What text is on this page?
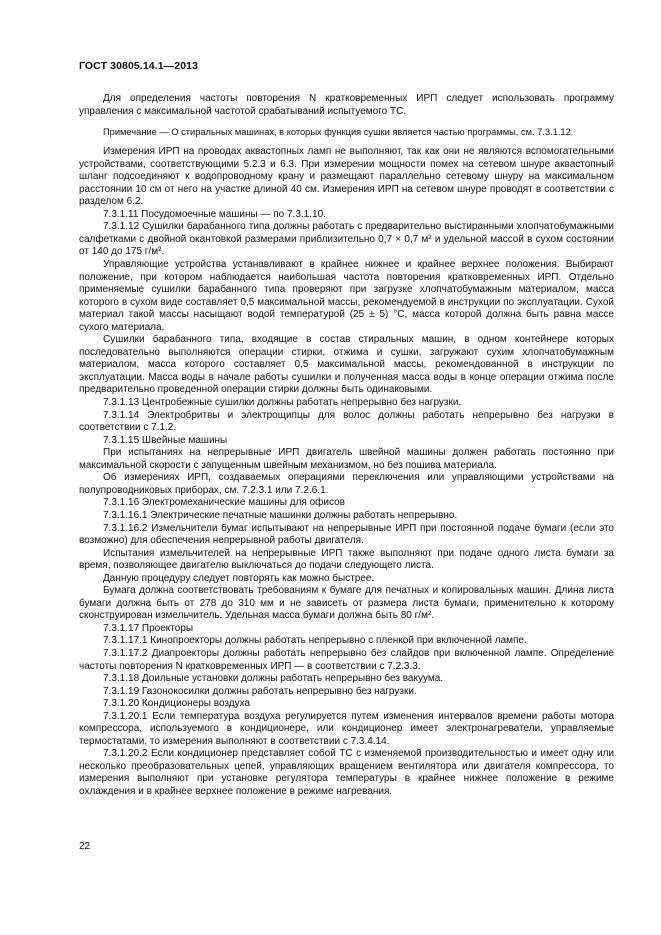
ГОСТ 30805.14.1—2013

Для определения частоты повторения N кратковременных ИРП следует использовать программу управления с максимальной частотой срабатываний испытуемого ТС.

Примечание — О стиральных машинах, в которых функция сушки является частью программы, см. 7.3.1.12.

Измерения ИРП на проводах аквастопных ламп не выполняют, так как они не являются вспомогательными устройствами, соответствующими 5.2.3 и 6.3. При измерении мощности помех на сетевом шнуре аквастопный шланг подсоединяют к водопроводному крану и размещают параллельно сетевому шнуру на максимальном расстоянии 10 см от него на участке длиной 40 см. Измерения ИРП на сетевом шнуре проводят в соответствии с разделом 6.2.

7.3.1.11 Посудомоечные машины — по 7.3.1.10.

7.3.1.12 Сушилки барабанного типа должны работать с предварительно выстиранными хлопчатобумажными салфетками с двойной окантовкой размерами приблизительно 0,7 × 0,7 м² и удельной массой в сухом состоянии от 140 до 175 г/м².

Управляющие устройства устанавливают в крайнее нижнее и крайнее верхнее положения. Выбирают положение, при котором наблюдается наибольшая частота повторения кратковременных ИРП. Отдельно применяемые сушилки барабанного типа проверяют при загрузке хлопчатобумажным материалом, масса которого в сухом виде составляет 0,5 максимальной массы, рекомендуемой в инструкции по эксплуатации. Сухой материал такой массы насыщают водой температурой (25 ± 5) °С, масса которой должна быть равна массе сухого материала.

Сушилки барабанного типа, входящие в состав стиральных машин, в одном контейнере которых последовательно выполняются операции стирки, отжима и сушки, загружают сухим хлопчатобумажным материалом, масса которого составляет 0,5 максимальной массы, рекомендованной в инструкции по эксплуатации. Масса воды в начале работы сушилки и полученная масса воды в конце операции отжима после предварительно проведенной операции стирки должны быть одинаковыми.

7.3.1.13 Центробежные сушилки должны работать непрерывно без нагрузки.

7.3.1.14 Электробритвы и электрощипцы для волос должны работать непрерывно без нагрузки в соответствии с 7.1.2.

7.3.1.15 Швейные машины

При испытаниях на непрерывные ИРП двигатель швейной машины должен работать постоянно при максимальной скорости с запущенным швейным механизмом, но без пошива материала.

Об измерениях ИРП, создаваемых операциями переключения или управляющими устройствами на полупроводниковых приборах, см. 7.2.3.1 или 7.2.6.1.

7.3.1.16 Электромеханические машины для офисов

7.3.1.16.1 Электрические печатные машинки должны работать непрерывно.

7.3.1.16.2 Измельчители бумаг испытывают на непрерывные ИРП при постоянной подаче бумаги (если это возможно) для обеспечения непрерывной работы двигателя.

Испытания измельчителей на непрерывные ИРП также выполняют при подаче одного листа бумаги за время, позволяющее двигателю выключаться до подачи следующего листа.

Данную процедуру следует повторять как можно быстрее.

Бумага должна соответствовать требованиям к бумаге для печатных и копировальных машин. Длина листа бумаги должна быть от 278 до 310 мм и не зависеть от размера листа бумаги, применительно к которому сконструирован измельчитель. Удельная масса бумаги должна быть 80 г/м².

7.3.1.17 Проекторы

7.3.1.17.1 Кинопроекторы должны работать непрерывно с пленкой при включенной лампе.

7.3.1.17.2 Диапроекторы должны работать непрерывно без слайдов при включенной лампе. Определение частоты повторения N кратковременных ИРП — в соответствии с 7.2.3.3.

7.3.1.18 Доильные установки должны работать непрерывно без вакуума.

7.3.1.19 Газонокосилки должны работать непрерывно без нагрузки.

7.3.1.20 Кондиционеры воздуха

7.3.1.20.1 Если температура воздуха регулируется путем изменения интервалов времени работы мотора компрессора, используемого в кондиционере, или кондиционер имеет электронагреватели, управляемые термостатами, то измерения выполняют в соответствии с 7.3.4.14.

7.3.1.20.2 Если кондиционер представляет собой ТС с изменяемой производительностью и имеет одну или несколько преобразовательных цепей, управляющих вращением вентилятора или двигателя компрессора, то измерения выполняют при установке регулятора температуры в крайнее нижнее положение в режиме охлаждения и в крайнее верхнее положение в режиме нагревания.

22
